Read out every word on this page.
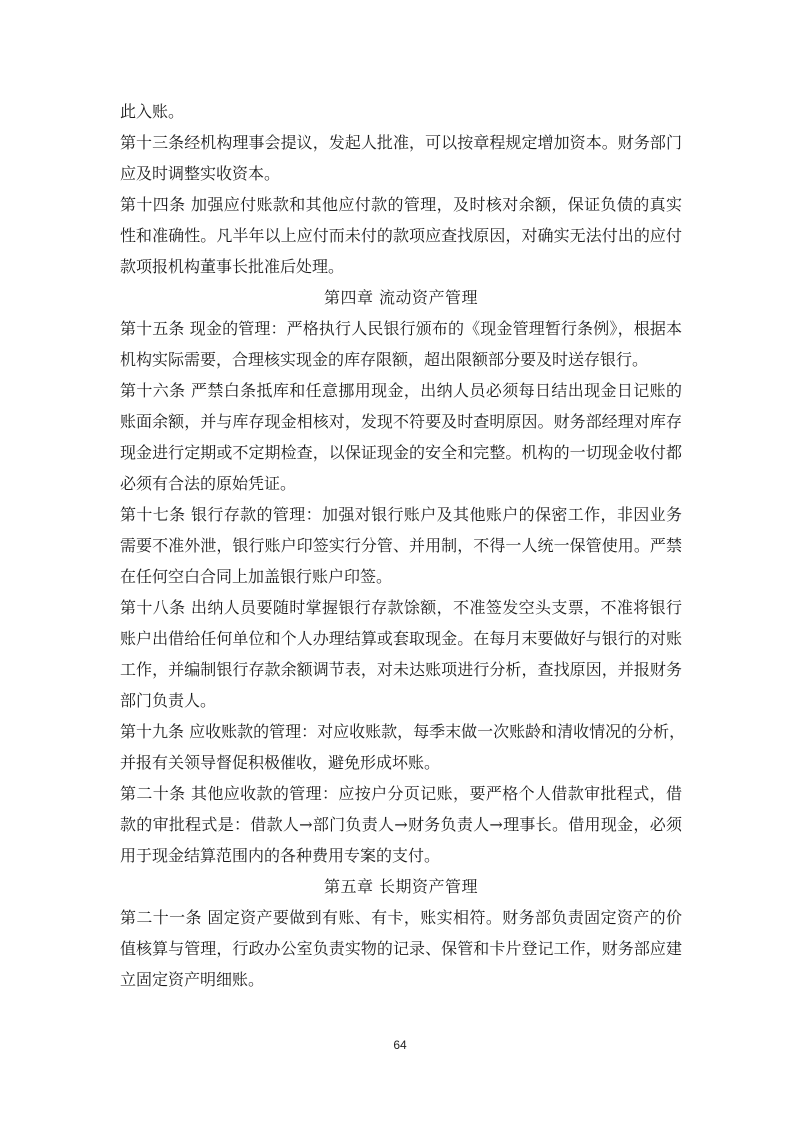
此入账。
第十三条经机构理事会提议，发起人批准，可以按章程规定增加资本。财务部门
应及时调整实收资本。
第十四条 加强应付账款和其他应付款的管理，及时核对余额，保证负债的真实
性和准确性。凡半年以上应付而未付的款项应查找原因，对确实无法付出的应付
款项报机构董事长批准后处理。
第四章 流动资产管理
第十五条 现金的管理：严格执行人民银行颁布的《现金管理暂行条例》，根据本
机构实际需要，合理核实现金的库存限额，超出限额部分要及时送存银行。
第十六条 严禁白条抵库和任意挪用现金，出纳人员必须每日结出现金日记账的
账面余额，并与库存现金相核对，发现不符要及时查明原因。财务部经理对库存
现金进行定期或不定期检查，以保证现金的安全和完整。机构的一切现金收付都
必须有合法的原始凭证。
第十七条 银行存款的管理：加强对银行账户及其他账户的保密工作，非因业务
需要不准外泄，银行账户印签实行分管、并用制，不得一人统一保管使用。严禁
在任何空白合同上加盖银行账户印签。
第十八条 出纳人员要随时掌握银行存款馀额，不准签发空头支票，不准将银行
账户出借给任何单位和个人办理结算或套取现金。在每月末要做好与银行的对账
工作，并编制银行存款余额调节表，对未达账项进行分析，查找原因，并报财务
部门负责人。
第十九条 应收账款的管理：对应收账款，每季末做一次账龄和清收情况的分析，
并报有关领导督促积极催收，避免形成坏账。
第二十条 其他应收款的管理：应按户分页记账，要严格个人借款审批程式，借
款的审批程式是：借款人→部门负责人→财务负责人→理事长。借用现金，必须
用于现金结算范围内的各种费用专案的支付。
第五章 长期资产管理
第二十一条 固定资产要做到有账、有卡，账实相符。财务部负责固定资产的价
值核算与管理，行政办公室负责实物的记录、保管和卡片登记工作，财务部应建
立固定资产明细账。
64
